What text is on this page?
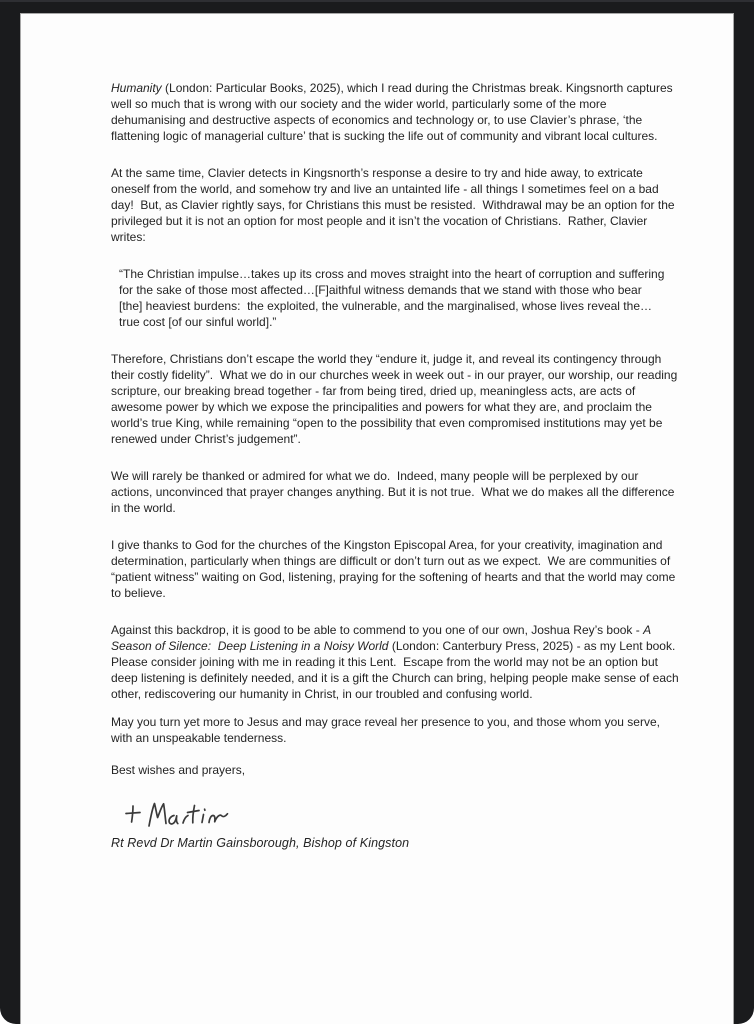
Humanity (London: Particular Books, 2025), which I read during the Christmas break. Kingsnorth captures well so much that is wrong with our society and the wider world, particularly some of the more dehumanising and destructive aspects of economics and technology or, to use Clavier’s phrase, ‘the flattening logic of managerial culture’ that is sucking the life out of community and vibrant local cultures.

At the same time, Clavier detects in Kingsnorth’s response a desire to try and hide away, to extricate oneself from the world, and somehow try and live an untainted life - all things I sometimes feel on a bad day!  But, as Clavier rightly says, for Christians this must be resisted.  Withdrawal may be an option for the privileged but it is not an option for most people and it isn’t the vocation of Christians.  Rather, Clavier writes:

“The Christian impulse…takes up its cross and moves straight into the heart of corruption and suffering for the sake of those most affected…[F]aithful witness demands that we stand with those who bear [the] heaviest burdens:  the exploited, the vulnerable, and the marginalised, whose lives reveal the…true cost [of our sinful world].”

Therefore, Christians don’t escape the world they “endure it, judge it, and reveal its contingency through their costly fidelity”.  What we do in our churches week in week out - in our prayer, our worship, our reading scripture, our breaking bread together - far from being tired, dried up, meaningless acts, are acts of awesome power by which we expose the principalities and powers for what they are, and proclaim the world’s true King, while remaining “open to the possibility that even compromised institutions may yet be renewed under Christ’s judgement”.

We will rarely be thanked or admired for what we do.  Indeed, many people will be perplexed by our actions, unconvinced that prayer changes anything. But it is not true.  What we do makes all the difference in the world.

I give thanks to God for the churches of the Kingston Episcopal Area, for your creativity, imagination and determination, particularly when things are difficult or don’t turn out as we expect.  We are communities of “patient witness” waiting on God, listening, praying for the softening of hearts and that the world may come to believe.

Against this backdrop, it is good to be able to commend to you one of our own, Joshua Rey’s book - A Season of Silence:  Deep Listening in a Noisy World (London: Canterbury Press, 2025) - as my Lent book.  Please consider joining with me in reading it this Lent.  Escape from the world may not be an option but deep listening is definitely needed, and it is a gift the Church can bring, helping people make sense of each other, rediscovering our humanity in Christ, in our troubled and confusing world.

May you turn yet more to Jesus and may grace reveal her presence to you, and those whom you serve, with an unspeakable tenderness.

Best wishes and prayers,

Rt Revd Dr Martin Gainsborough, Bishop of Kingston
